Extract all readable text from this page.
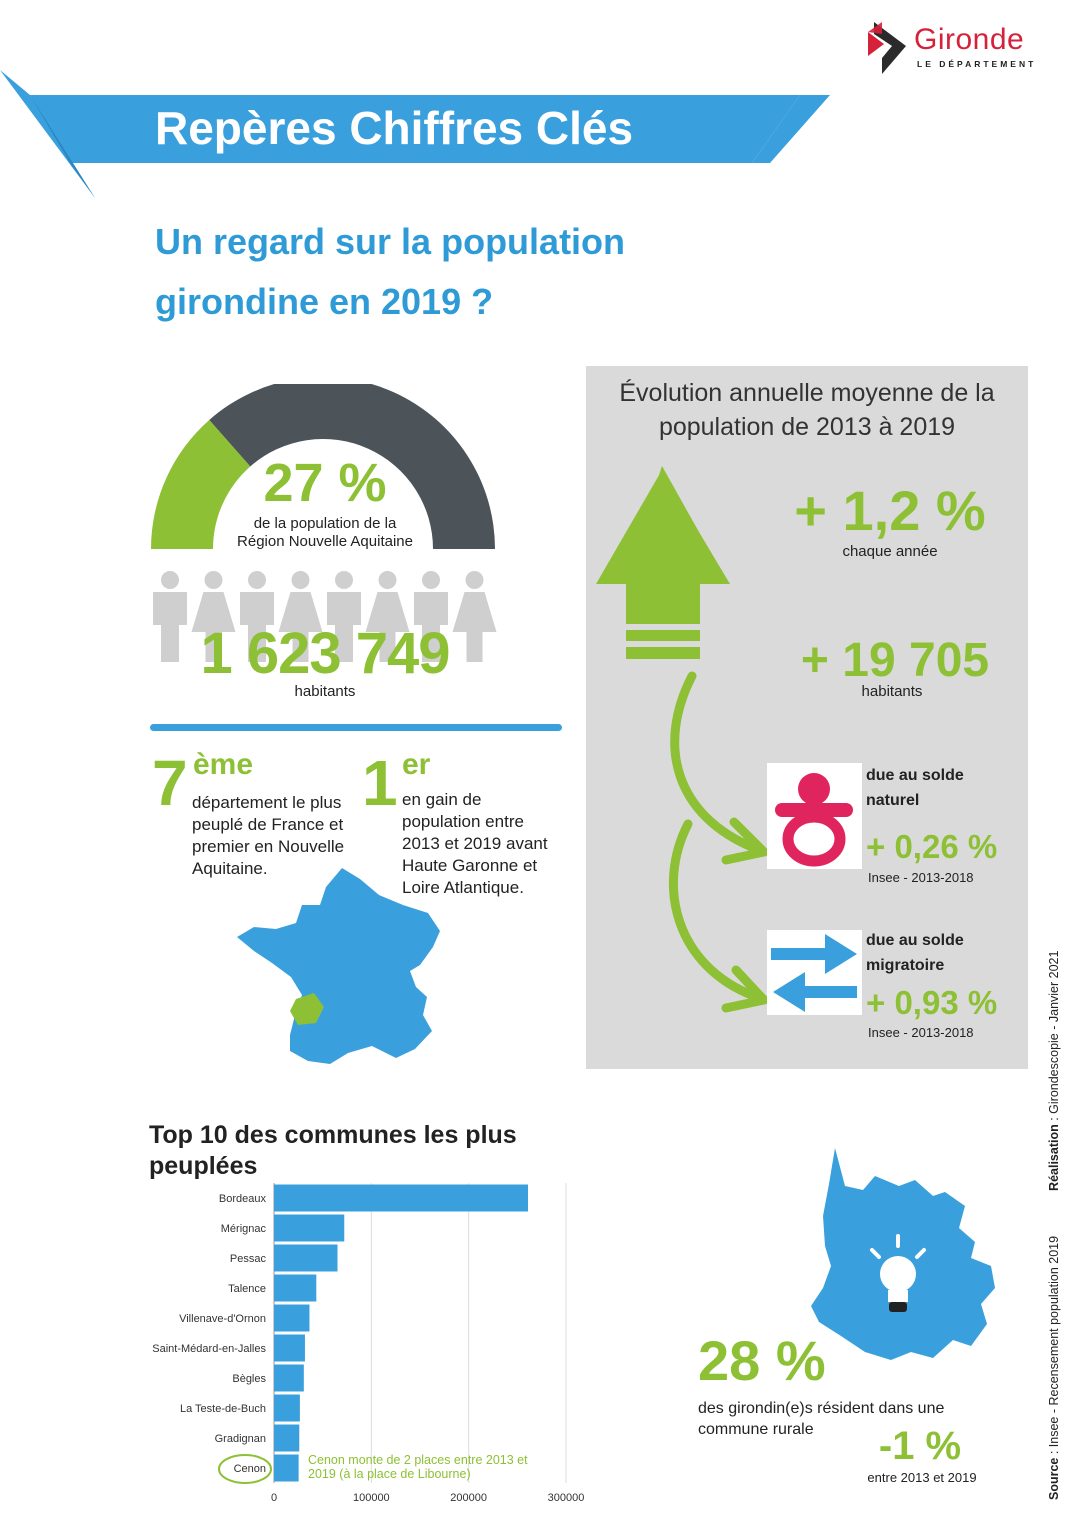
Gironde
LE DÉPARTEMENT
Repères Chiffres Clés
Un regard sur la population
girondine en 2019 ?
27 %
de la population de la
Région Nouvelle Aquitaine
1 623 749
habitants
7 ème
département le plus
peuplé de France et
premier en Nouvelle
Aquitaine.
1 er
en gain de
population entre
2013 et 2019 avant
Haute Garonne et
Loire Atlantique.
Évolution annuelle moyenne de la
population de 2013 à 2019
+ 1,2 %
chaque année
+ 19 705
habitants
due au solde
naturel
+ 0,26 %
Insee - 2013-2018
due au solde
migratoire
+ 0,93 %
Insee - 2013-2018
Top 10 des communes les plus
peuplées
0	100000	200000	300000
Bordeaux
Mérignac
Pessac
Talence
Villenave-d'Ornon
Saint-Médard-en-Jalles
Bègles
La Teste-de-Buch
Gradignan
Cenon
Cenon monte de 2 places entre 2013 et
2019 (à la place de Libourne)
28 %
des girondin(e)s résident dans une
commune rurale	-1 %
entre 2013 et 2019	Source : Insee - Recensement population 2019  Réalisation : Girondescopie - Janvier 2021
